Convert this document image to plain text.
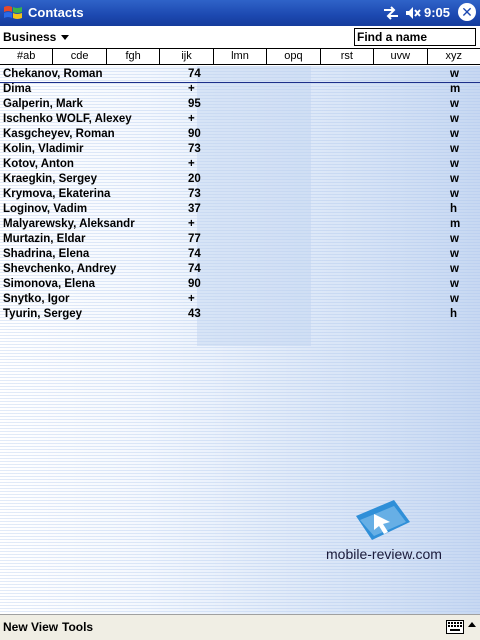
Contacts	9:05 ✕
Business	Find a name
#ab	cde	fgh	ijk	lmn	opq	rst	uvw	xyz
mobile-review.com
Chekanov, Roman	74	w
Dima	+	m
Galperin, Mark	95	w
Ischenko WOLF, Alexey	+	w
Kasgcheyev, Roman	90	w
Kolin, Vladimir	73	w
Kotov, Anton	+	w
Kraegkin, Sergey	20	w
Krymova, Ekaterina	73	w
Loginov, Vadim	37	h
Malyarewsky, Aleksandr	+	m
Murtazin, Eldar	77	w
Shadrina, Elena	74	w
Shevchenko, Andrey	74	w
Simonova, Elena	90	w
Snytko, Igor	+	w
Tyurin, Sergey	43	h
New View Tools
